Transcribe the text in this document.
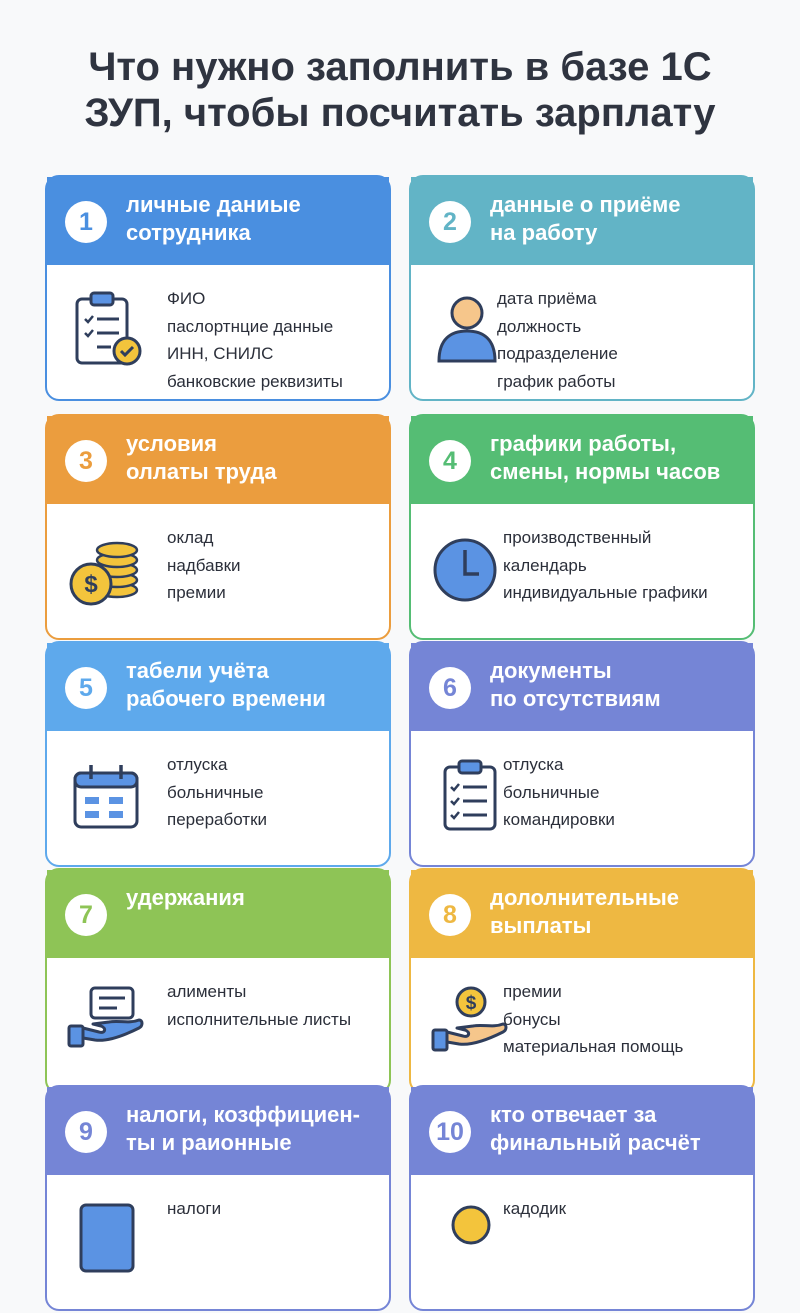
Что нужно заполнить в базе 1С
ЗУП, чтобы посчитать зарплату
1
личные даниые
сотрудника
ФИО
паслортнцие данные
ИНН, СНИЛС
банковские реквизиты
2
данные о приёме
на работу
дата приёма
должность
подразделение
график работы
3
условия
оллаты труда
$
оклад
надбавки
премии
4
графики работы,
смены, нормы часов
производственный
календарь
индивидуальные графики
5
табели учёта
рабочего времени
отлуска
больничные
переработки
6
документы
по отсутствиям
отлуска
больничные
командировки
7
удержания
алименты
исполнительные листы
8
дололнительные
выплаты
$
премии
бонусы
материальная помощь
9
налоги, козффициен-
ты и раионные
налоги
10
кто отвечает за
финальный расчёт
кадодик
